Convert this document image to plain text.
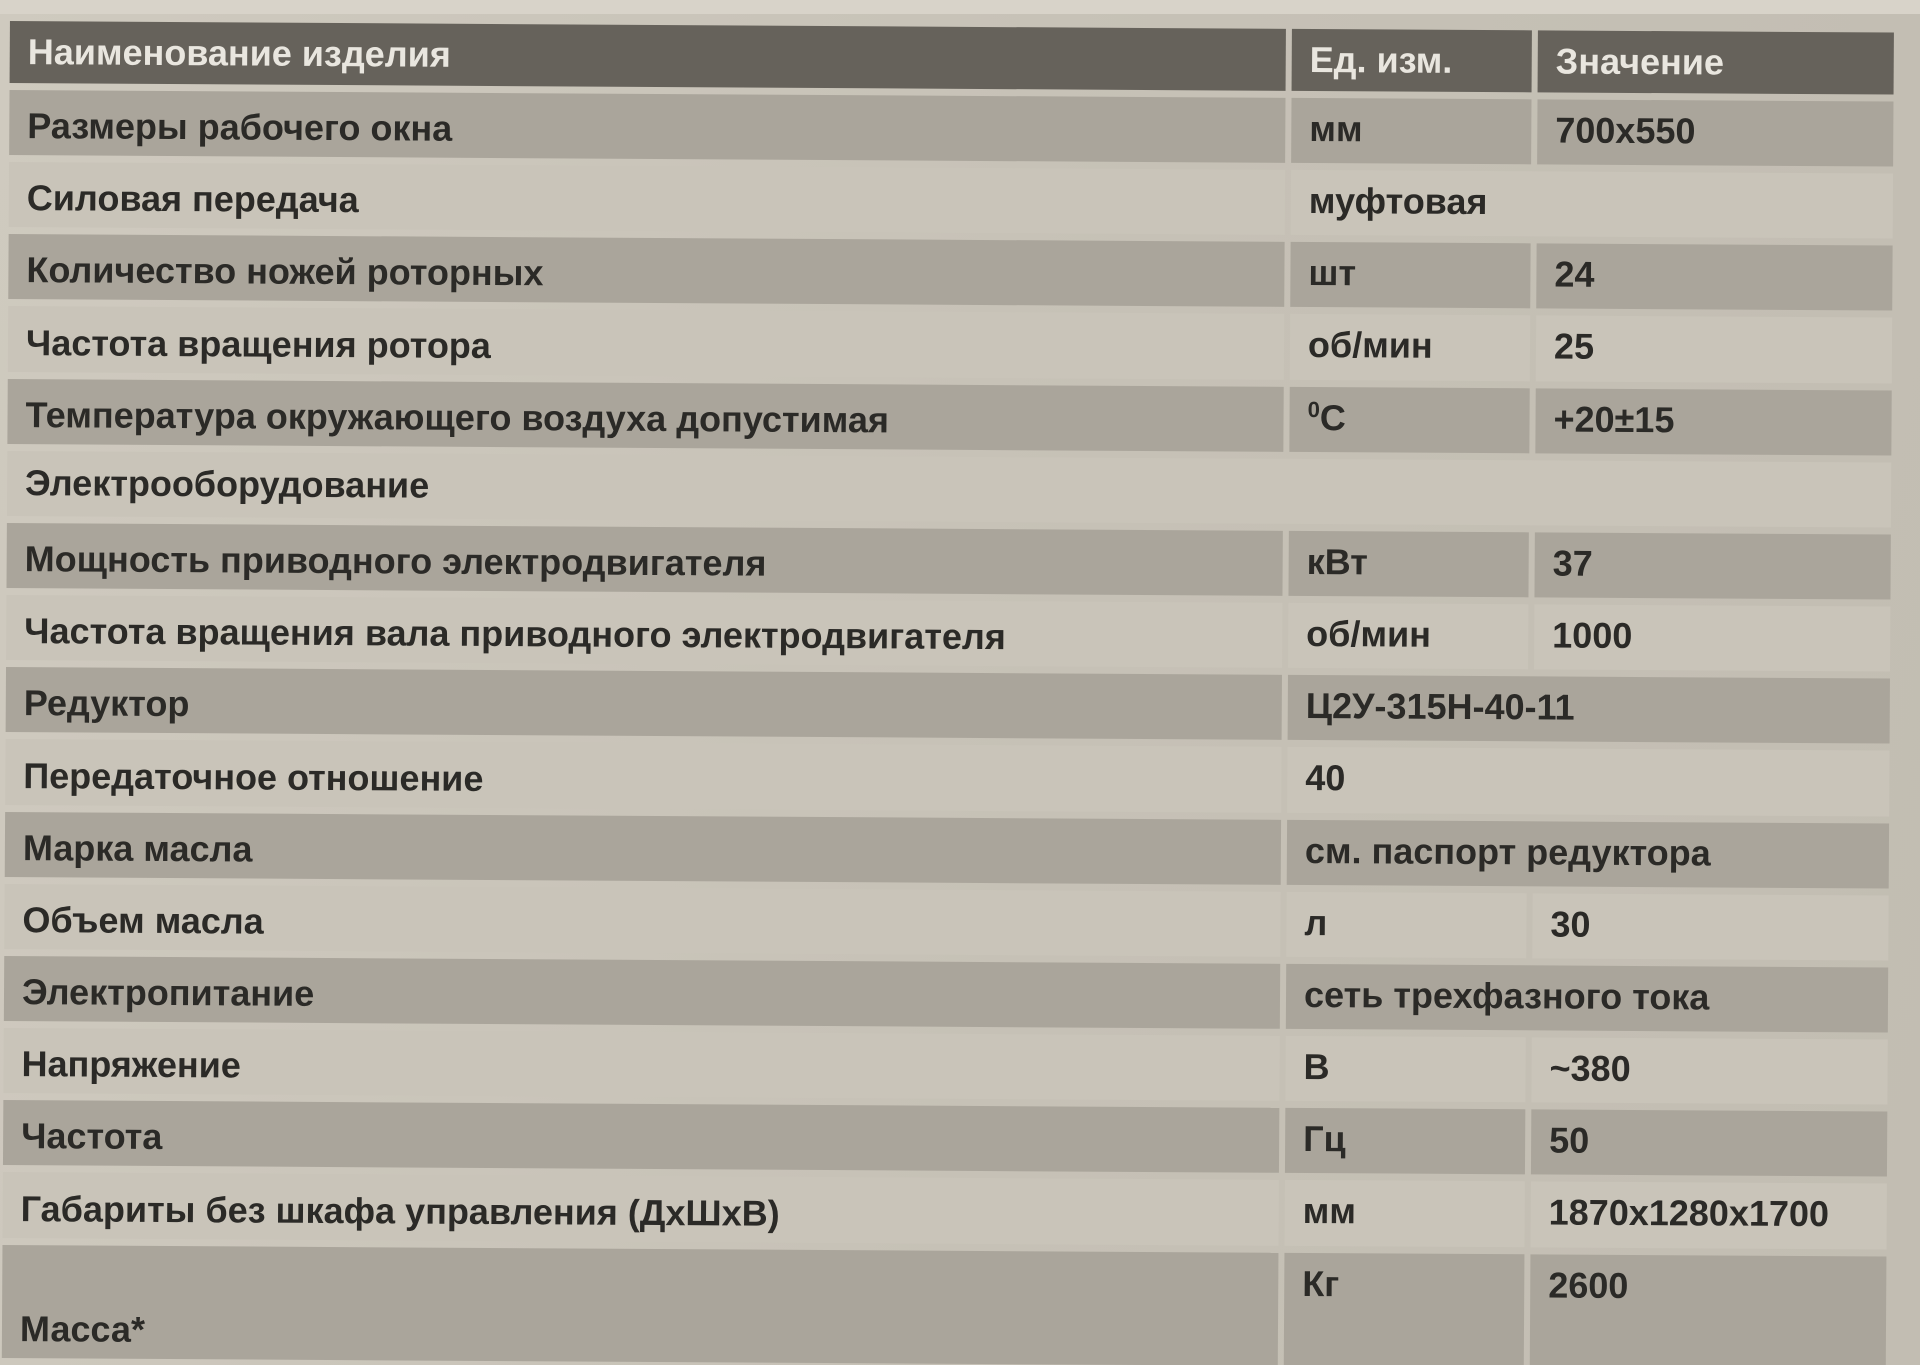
Наименование изделия	Ед. изм.	Значение
Размеры рабочего окна	мм	700х550
Силовая передача	муфтовая	
Количество ножей роторных	шт	24
Частота вращения ротора	об/мин	25
Температура окружающего воздуха допустимая	$^0$С	+20±15
Электрооборудование		
Мощность приводного электродвигателя	кВт	37
Частота вращения вала приводного электродвигателя	об/мин	1000
Редуктор	Ц2У-315Н-40-11	
Передаточное отношение	40	
Марка масла	см. паспорт редуктора	
Объем масла	л	30
Электропитание	сеть трехфазного тока	
Напряжение	В	~380
Частота	Гц	50
Габариты без шкафа управления (ДхШхВ)	мм	1870х1280х1700
Масса*	Кг	2600
